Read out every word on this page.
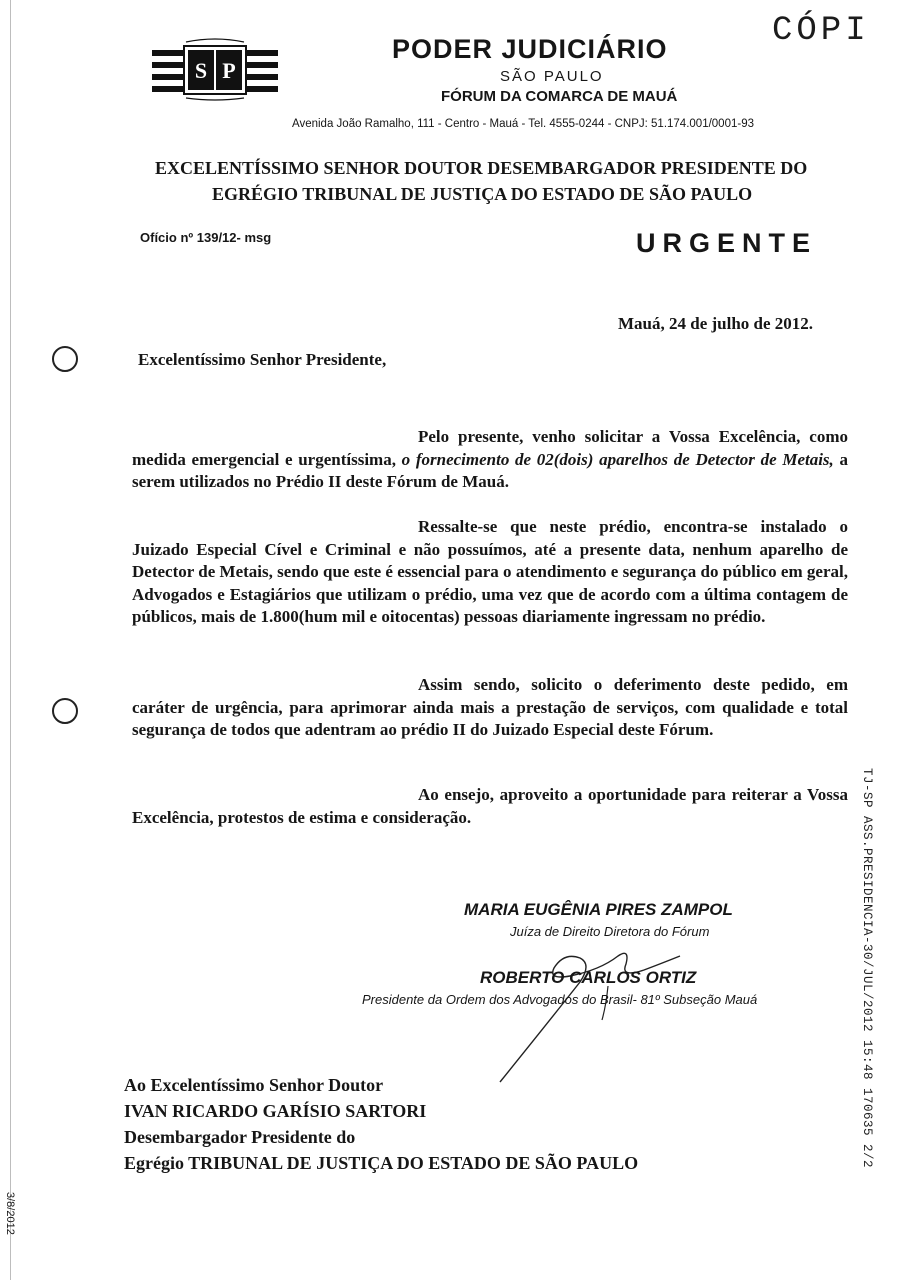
CÓPI
S P
PODER JUDICIÁRIO
SÃO PAULO
FÓRUM DA COMARCA DE MAUÁ
Avenida João Ramalho, 111 - Centro - Mauá - Tel. 4555-0244 - CNPJ: 51.174.001/0001-93
EXCELENTÍSSIMO SENHOR DOUTOR DESEMBARGADOR PRESIDENTE DO
EGRÉGIO TRIBUNAL DE JUSTIÇA DO ESTADO DE SÃO PAULO
Ofício nº 139/12- msg	URGENTE
Mauá, 24 de julho de 2012.
Excelentíssimo Senhor Presidente,
Pelo presente, venho solicitar a Vossa Excelência, como medida emergencial e urgentíssima, o fornecimento de 02(dois) aparelhos de Detector de Metais, a serem utilizados no Prédio II deste Fórum de Mauá.
Ressalte-se que neste prédio, encontra-se instalado o Juizado Especial Cível e Criminal e não possuímos, até a presente data, nenhum aparelho de Detector de Metais, sendo que este é essencial para o atendimento e segurança do público em geral, Advogados e Estagiários que utilizam o prédio, uma vez que de acordo com a última contagem de públicos, mais de 1.800(hum mil e oitocentas) pessoas diariamente ingressam no prédio.
Assim sendo, solicito o deferimento deste pedido, em caráter de urgência, para aprimorar ainda mais a prestação de serviços, com qualidade e total segurança de todos que adentram ao prédio II do Juizado Especial deste Fórum.
Ao ensejo, aproveito a oportunidade para reiterar a Vossa Excelência, protestos de estima e consideração.	TJ-SP ASS.PRESIDENCIA-30/JUL/2012 15:48 170635 2/2
MARIA EUGÊNIA PIRES ZAMPOL
Juíza de Direito Diretora do Fórum
ROBERTO CARLOS ORTIZ
Presidente da Ordem dos Advogados do Brasil- 81º Subseção Mauá
Ao Excelentíssimo Senhor Doutor
IVAN RICARDO GARÍSIO SARTORI
Desembargador Presidente do
Egrégio TRIBUNAL DE JUSTIÇA DO ESTADO DE SÃO PAULO
3/8/2012
